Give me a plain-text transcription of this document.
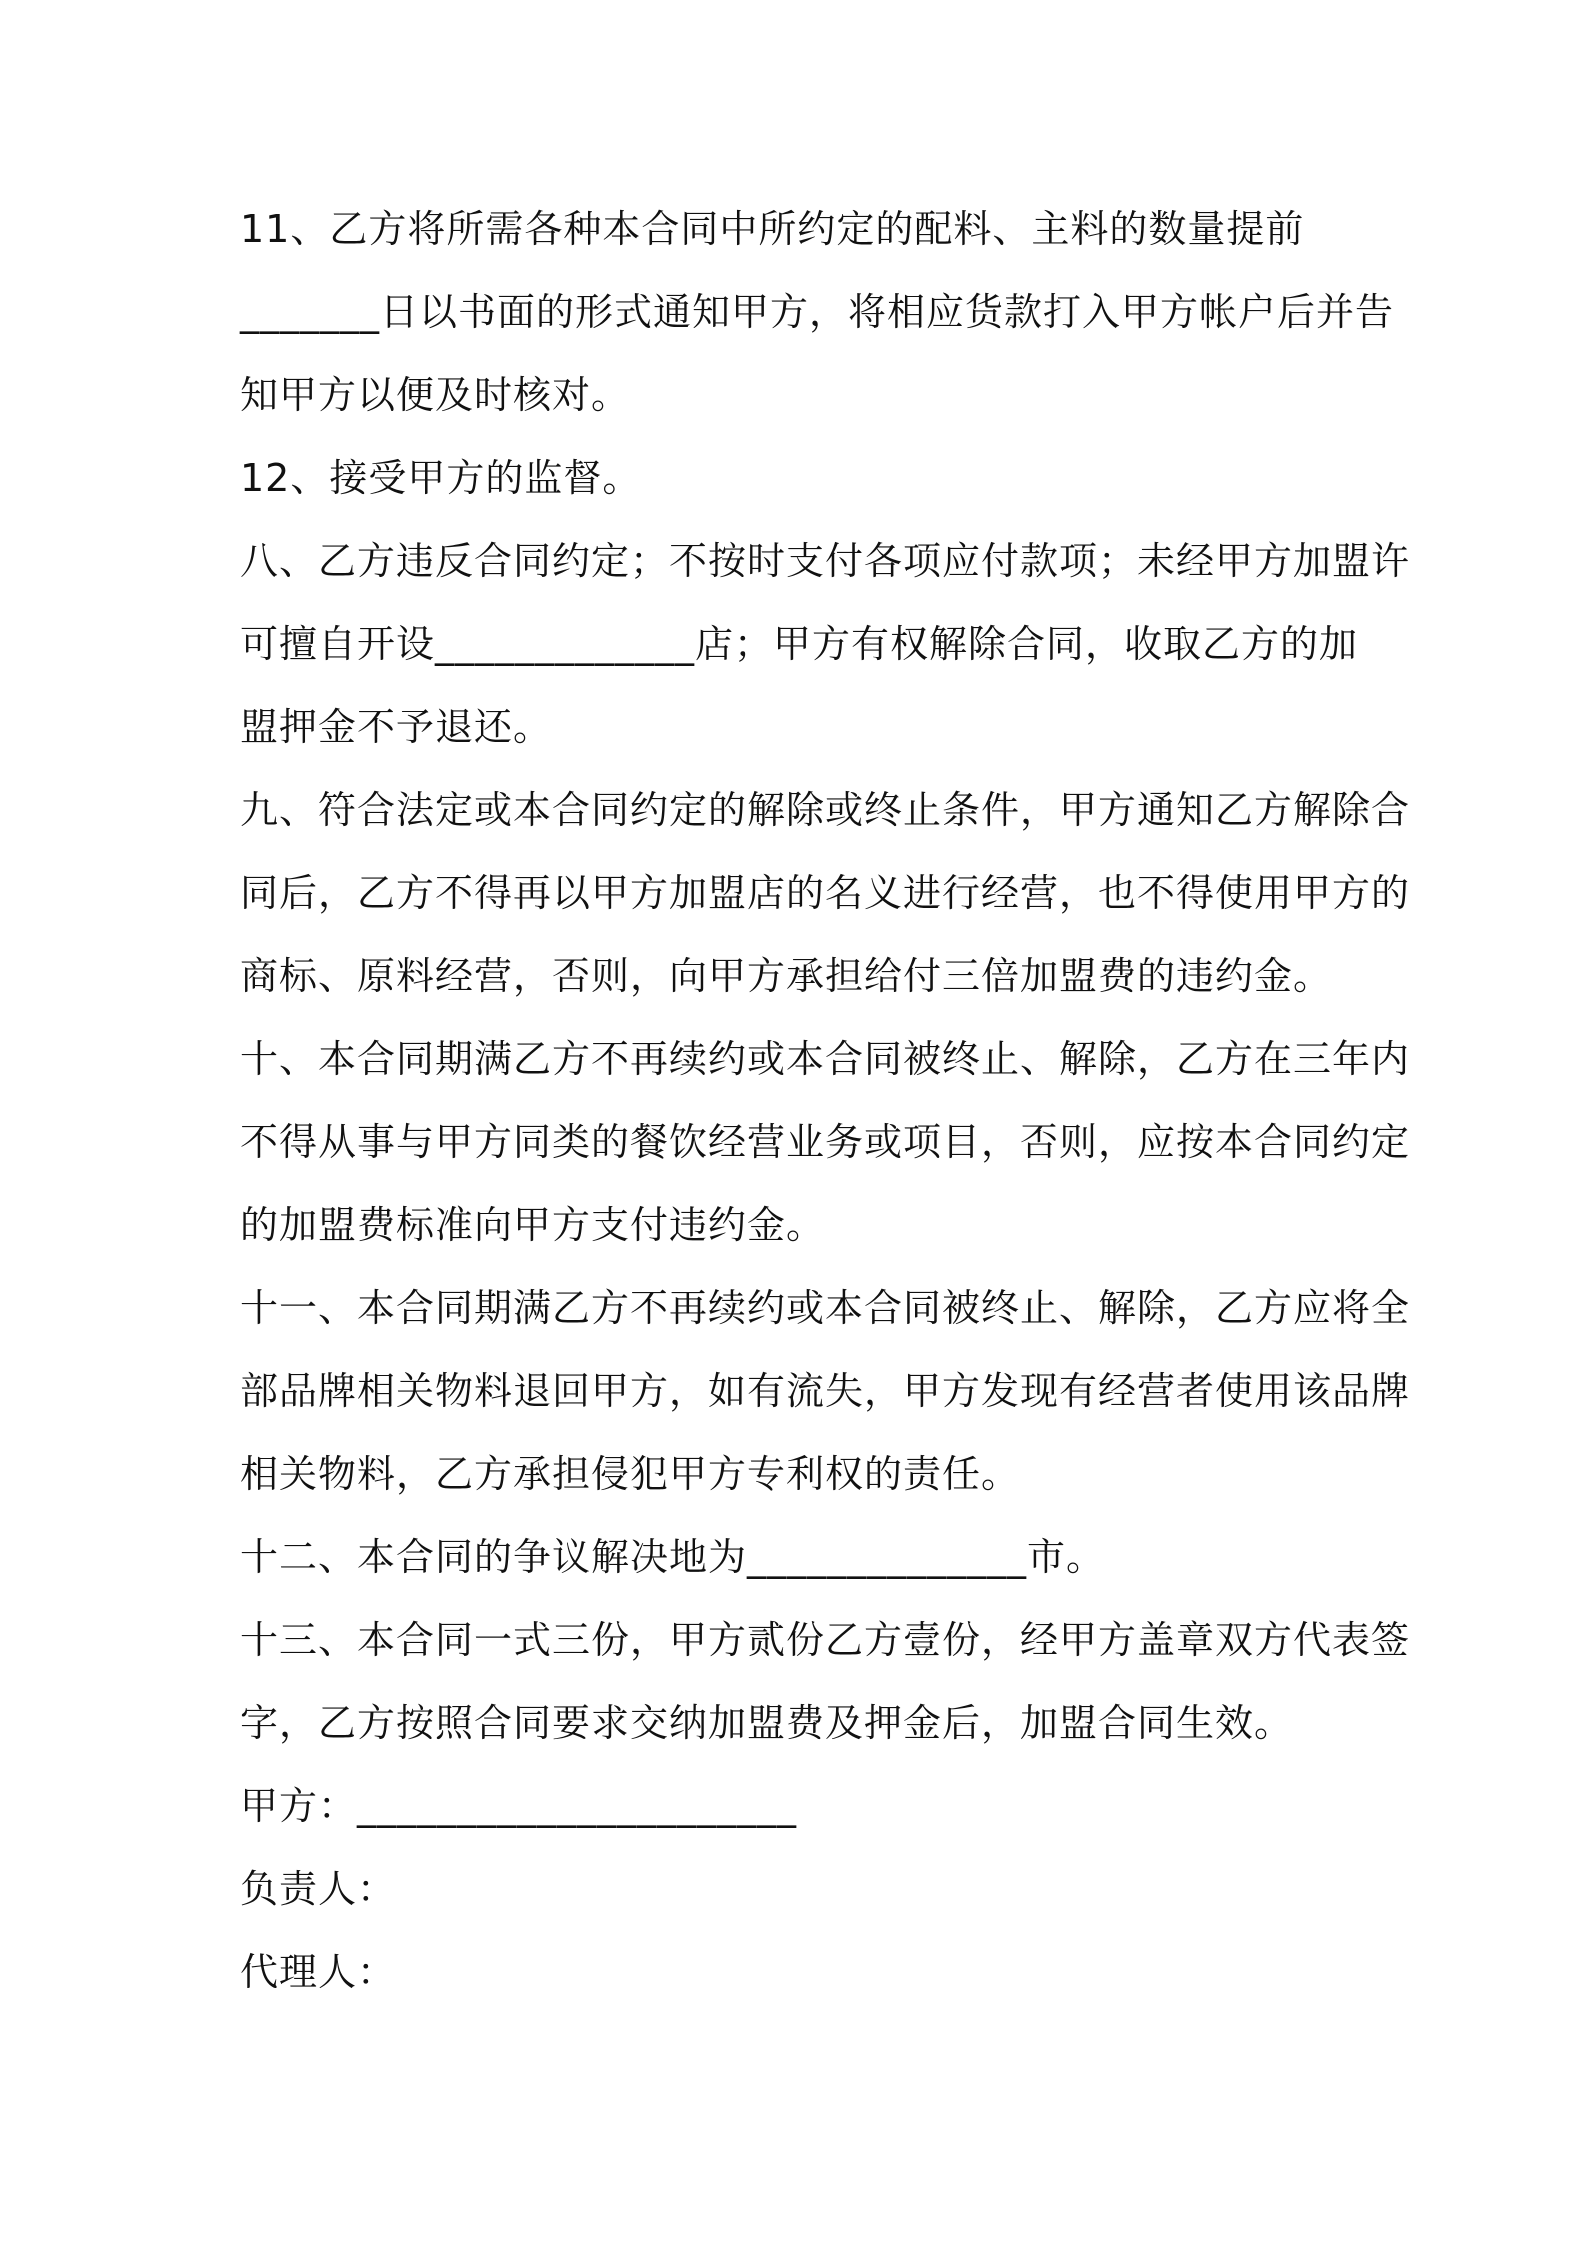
11、乙方将所需各种本合同中所约定的配料、主料的数量提前
_______日以书面的形式通知甲方，将相应货款打入甲方帐户后并告
知甲方以便及时核对。
12、接受甲方的监督。
八、乙方违反合同约定；不按时支付各项应付款项；未经甲方加盟许
可擅自开设_____________店；甲方有权解除合同，收取乙方的加
盟押金不予退还。
九、符合法定或本合同约定的解除或终止条件，甲方通知乙方解除合
同后，乙方不得再以甲方加盟店的名义进行经营，也不得使用甲方的
商标、原料经营，否则，向甲方承担给付三倍加盟费的违约金。
十、本合同期满乙方不再续约或本合同被终止、解除，乙方在三年内
不得从事与甲方同类的餐饮经营业务或项目，否则，应按本合同约定
的加盟费标准向甲方支付违约金。
十一、本合同期满乙方不再续约或本合同被终止、解除，乙方应将全
部品牌相关物料退回甲方，如有流失，甲方发现有经营者使用该品牌
相关物料，乙方承担侵犯甲方专利权的责任。
十二、本合同的争议解决地为______________市。
十三、本合同一式三份，甲方贰份乙方壹份，经甲方盖章双方代表签
字，乙方按照合同要求交纳加盟费及押金后，加盟合同生效。
甲方：______________________
负责人：
代理人：
